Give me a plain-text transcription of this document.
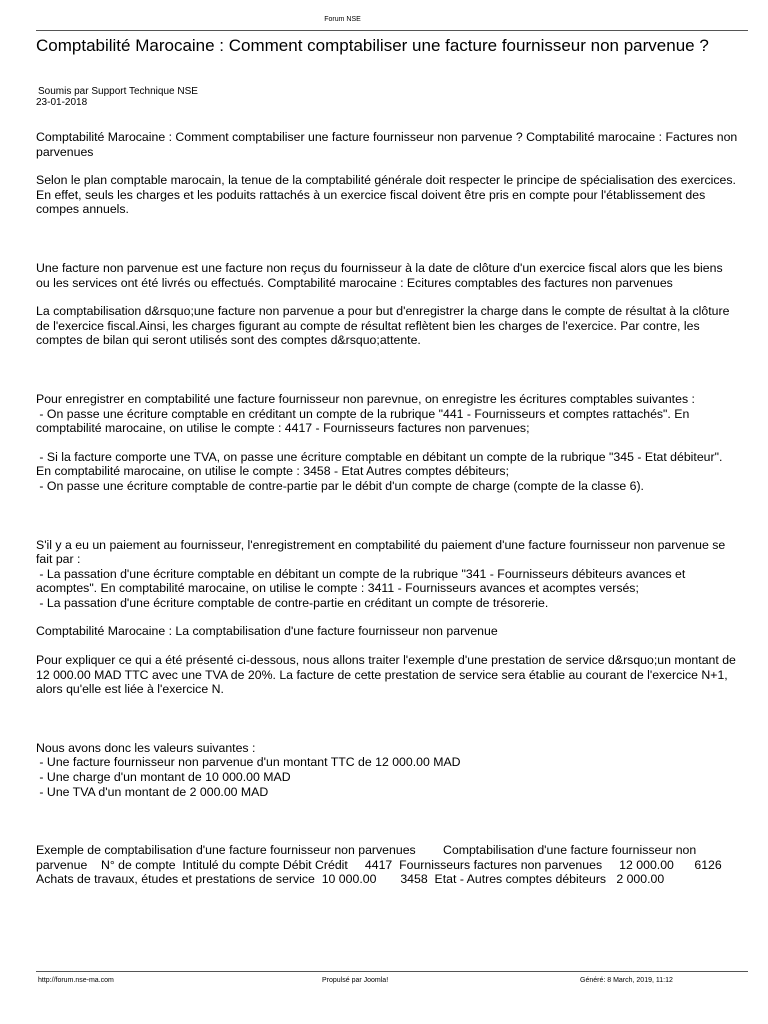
Forum NSE
Comptabilité Marocaine : Comment comptabiliser une facture fournisseur non parvenue ?
Soumis par Support Technique NSE
23-01-2018

Comptabilité Marocaine : Comment comptabiliser une facture fournisseur non parvenue ? Comptabilité marocaine : Factures non parvenues

Selon le plan comptable marocain, la tenue de la comptabilité générale doit respecter le principe de spécialisation des exercices. En effet, seuls les charges et les poduits rattachés à un exercice fiscal doivent être pris en compte pour l'établissement des compes annuels.

Une facture non parvenue est une facture non reçus du fournisseur à la date de clôture d'un exercice fiscal alors que les biens ou les services ont été livrés ou effectués. Comptabilité marocaine : Ecitures comptables des factures non parvenues

La comptabilisation d&rsquo;une facture non parvenue a pour but d'enregistrer la charge dans le compte de résultat à la clôture de l'exercice fiscal.Ainsi, les charges figurant au compte de résultat reflètent bien les charges de l'exercice. Par contre, les comptes de bilan qui seront utilisés sont des comptes d&rsquo;attente.

Pour enregistrer en comptabilité une facture fournisseur non parevnue, on enregistre les écritures comptables suivantes :
- On passe une écriture comptable en créditant un compte de la rubrique "441 - Fournisseurs et comptes rattachés". En comptabilité marocaine, on utilise le compte : 4417 - Fournisseurs factures non parvenues;

- Si la facture comporte une TVA, on passe une écriture comptable en débitant un compte de la rubrique "345 - Etat débiteur". En comptabilité marocaine, on utilise le compte : 3458 - Etat Autres comptes débiteurs;
- On passe une écriture comptable de contre-partie par le débit d'un compte de charge (compte de la classe 6).

S'il y a eu un paiement au fournisseur, l'enregistrement en comptabilité du paiement d'une facture fournisseur non parvenue se fait par :
- La passation d'une écriture comptable en débitant un compte de la rubrique "341 - Fournisseurs débiteurs avances et acomptes". En comptabilité marocaine, on utilise le compte : 3411 - Fournisseurs avances et acomptes versés;
- La passation d'une écriture comptable de contre-partie en créditant un compte de trésorerie.

Comptabilité Marocaine : La comptabilisation d'une facture fournisseur non parvenue

Pour expliquer ce qui a été présenté ci-dessous, nous allons traiter l'exemple d'une prestation de service d&rsquo;un montant de 12 000.00 MAD TTC avec une TVA de 20%. La facture de cette prestation de service sera établie au courant de l'exercice N+1, alors qu'elle est liée à l'exercice N.

Nous avons donc les valeurs suivantes :
- Une facture fournisseur non parvenue d'un montant TTC de 12 000.00 MAD
- Une charge d'un montant de 10 000.00 MAD
- Une TVA d'un montant de 2 000.00 MAD

Exemple de comptabilisation d'une facture fournisseur non parvenues        Comptabilisation d'une facture fournisseur non parvenue    N° de compte  Intitulé du compte Débit Crédit     4417  Fournisseurs factures non parvenues     12 000.00      6126  Achats de travaux, études et prestations de service  10 000.00       3458  Etat - Autres comptes débiteurs   2 000.00

http://forum.nse-ma.com	Propulsé par Joomla!	Généré: 8 March, 2019, 11:12
